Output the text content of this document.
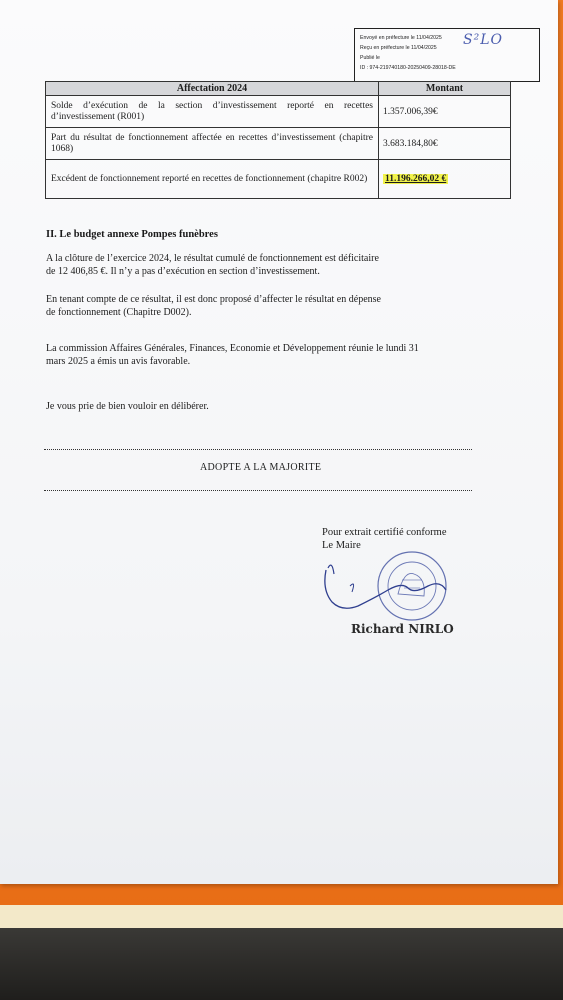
Envoyé en préfecture le 11/04/2025
Reçu en préfecture le 11/04/2025
Publié le
ID : 974-219740180-20250409-28018-DE
S²LO
Affectation 2024	Montant
Solde d’exécution de la section d’investissement reporté en recettes d’investissement (R001)	1.357.006,39€
Part du résultat de fonctionnement affectée en recettes d’investissement (chapitre 1068)	3.683.184,80€
Excédent de fonctionnement reporté en recettes de fonctionnement (chapitre R002)	11.196.266,02 €
II. Le budget annexe Pompes funèbres
A la clôture de l’exercice 2024, le résultat cumulé de fonctionnement est déficitaire
de 12 406,85 €. Il n’y a pas d’exécution en section d’investissement.
En tenant compte de ce résultat, il est donc proposé d’affecter le résultat en dépense
de fonctionnement (Chapitre D002).
La commission Affaires Générales, Finances, Economie et Développement réunie le lundi 31
mars 2025 a émis un avis favorable.
Je vous prie de bien vouloir en délibérer.
ADOPTE A LA MAJORITE
Pour extrait certifié conforme
Le Maire
Richard NIRLO
